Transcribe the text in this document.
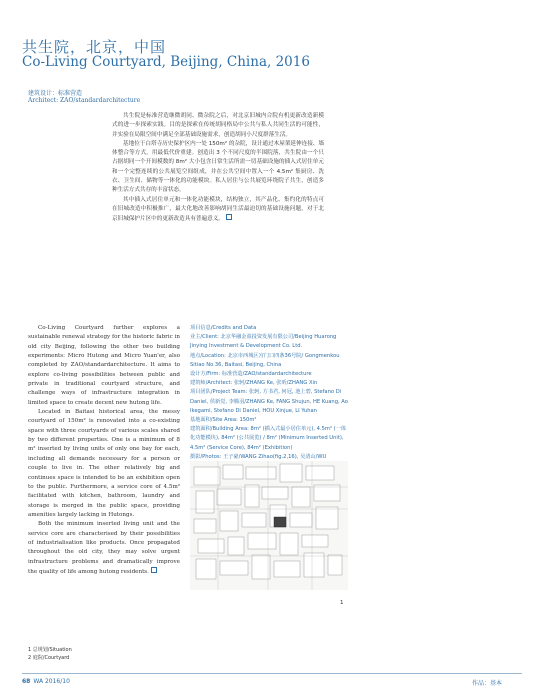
共生院，北京，中国
Co-Living Courtyard, Beijing, China, 2016
建筑设计：标准营造
Architect: ZAO/standardarchitecture

共生院是标准营造继微胡同、微杂院之后，对北京旧城内合院有机更新改造新模式的进一步探索实践。目的是探索在传统胡同格局中公共与私人共同生活的可能性，并实验在局限空间中满足全部基础设施需求，创造胡同小尺度群落生活。

基地位于白塔寺历史保护区内一处 150m² 的杂院，设计通过木屋架延伸连接、墙体整合等方式，用最低代价重建。创造出 3 个不同尺度的半围院落，共生院由一个只占据胡同一个开间模数的 8m² 大小包含日常生活所需一切基础设施的插入式居住单元和一个完整连续的公共展览空间组成，并在公共空间中置入一个 4.5m² 集厨房、洗衣、卫生间、储物等一体化的功能模块。私人居住与公共展览环绕院子共生，创造多种生活方式共存的丰富状态。

其中插入式居住单元和一体化功能模块，结构独立，其产品化、集约化的特点可在旧城改造中积极推广，最大化地改善影响胡同生活最迫切的基础设施问题，对于北京旧城保护片区中的更新改造具有普遍意义。

Co-Living Courtyard further explores a sustainable renewal strategy for the historic fabric in old city Beijing, following the other two building experiments: Micro Hutong and Micro Yuan'er, also completed by ZAO/standardarchitecture. It aims to explore co-living possibilities between public and private in traditional courtyard structure, and challenge ways of infrastructure integration in limited space to create decent new hutong life.

Located in Baitasi historical area, the messy courtyard of 150m² is renovated into a co-existing space with three courtyards of various scales shared by two different properties. One is a minimum of 8 m² inserted by living units of only one bay for each, including all demands necessary for a person or couple to live in. The other relatively big and continues space is intended to be an exhibition open to the public. Furthermore, a service core of 4.5m² facilitated with kitchen, bathroom, laundry and storage is merged in the public space, providing amenities largely lacking in Hutongs.

Both the minimum inserted living unit and the service core are characterised by their possibilities of industrialisation like products. Once propagated throughout the old city, they may solve urgent infrastructure problems and dramatically improve the quality of life among hutong residents.

项目信息/Credits and Data
业主/Client: 北京华融金盈投资发展有限公司/Beijing Huarong Jinying Investment & Development Co. Ltd.
地点/Location: 北京市西城区宫门口四条36号院/ Gongmenkou Sitiao No.36, Baitasi, Beijing, China
设计方/Firm: 标准营造/ZAO/standardarchitecture
建筑师/Architect: 张轲/ZHANG Ke, 张昕/ZHANG Xin
项目团队/Project Team: 张轲, 方书君, 何冠, 池上碧, Stefano Di Daniel, 侯新觉, 李腾羽/ZHANG Ke, FANG Shujun, HE Kuang, Ao Ikegami, Stefano Di Daniel, HOU Xinjue, LI Yuhan
基地面积/Site Area: 150m²
建筑面积/Building Area: 8m² (插入式最小居住单元), 4.5m² (一体化功能模块), 84m² (公共展览) / 8m² (Minimum Inserted Unit), 4.5m² (Service Core), 84m² (Exhibition)
摄影/Photos: 王子豪/WANG Zihao(fig.2,16), 吴清山/WU
1
1 总规划/Situation
2 庭院/Courtyard
68 WA 2016/10	作品：基本
